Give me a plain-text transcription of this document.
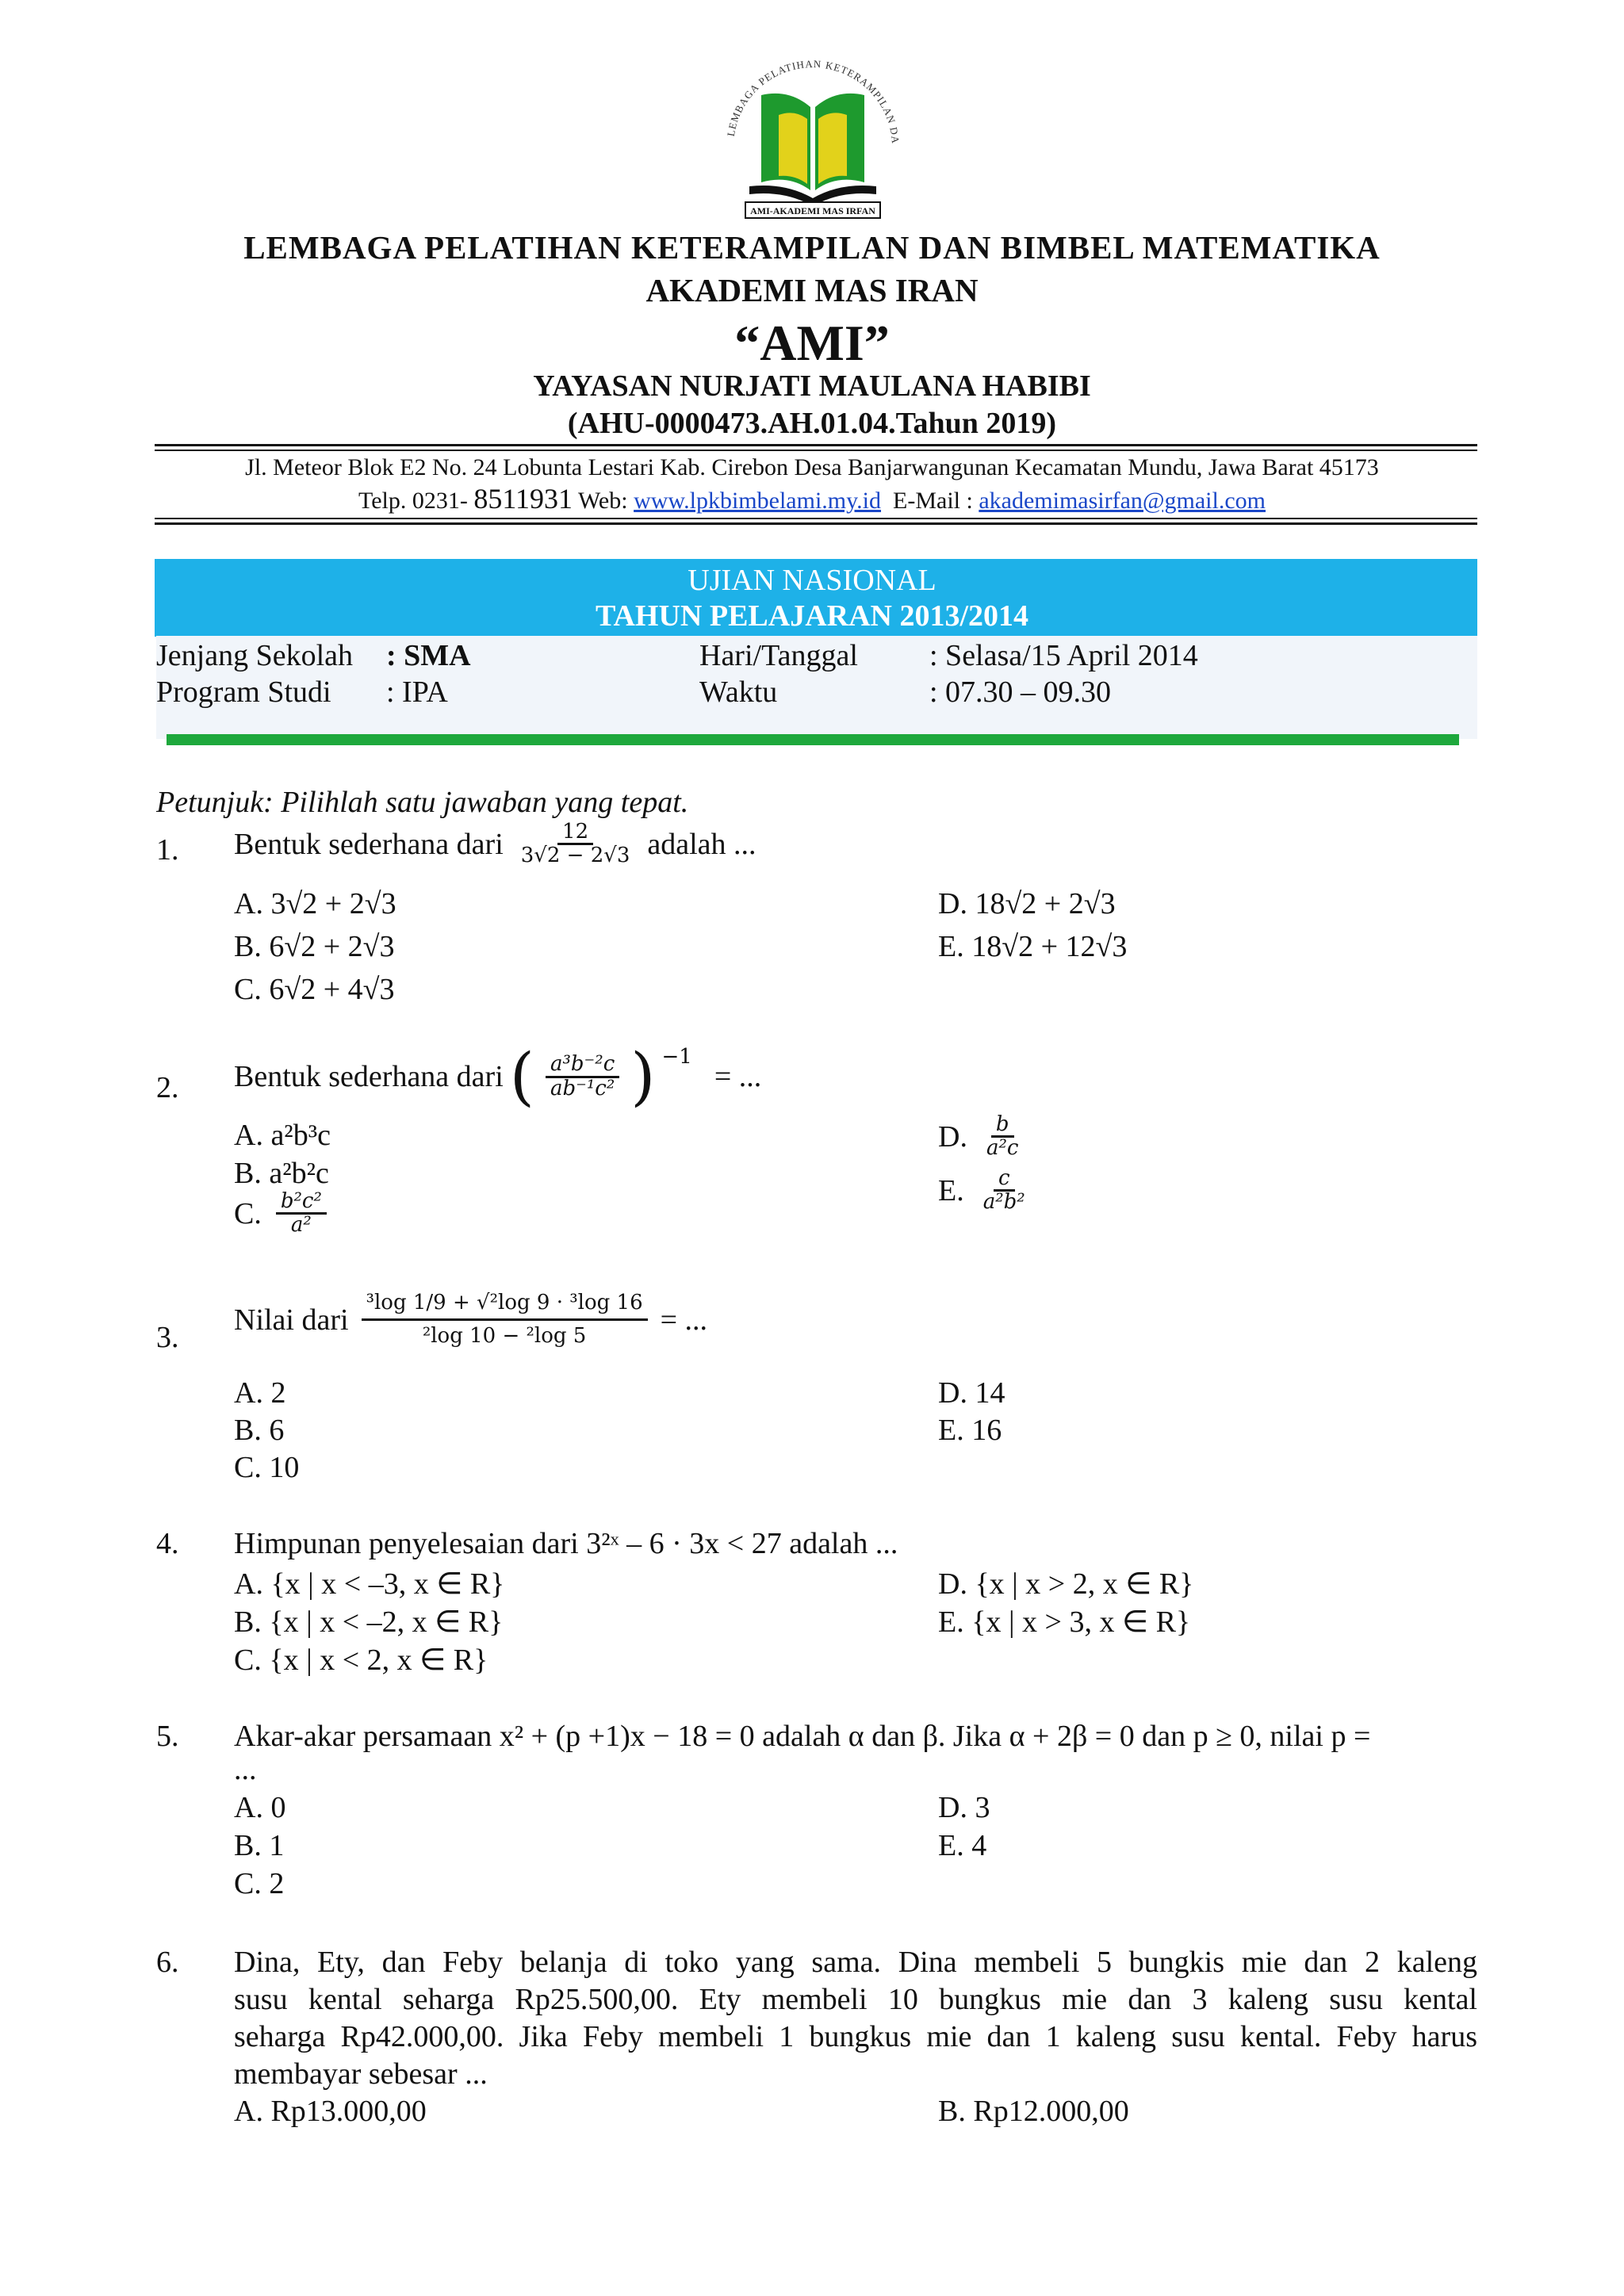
LEMBAGA PELATIHAN KETERAMPILAN DA
AMI-AKADEMI MAS IRFAN
LEMBAGA PELATIHAN KETERAMPILAN DAN BIMBEL MATEMATIKA
AKADEMI MAS IRAN
“AMI”
YAYASAN NURJATI MAULANA HABIBI
(AHU-0000473.AH.01.04.Tahun 2019)
Jl. Meteor Blok E2 No. 24 Lobunta Lestari Kab. Cirebon Desa Banjarwangunan Kecamatan Mundu, Jawa Barat 45173
Telp. 0231- 8511931 Web: www.lpkbimbelami.my.id E-Mail : akademimasirfan@gmail.com
UJIAN NASIONAL
TAHUN PELAJARAN 2013/2014
Jenjang Sekolah : SMA
Program Studi : IPA
Hari/Tanggal : Selasa/15 April 2014
Waktu	: 07.30 – 09.30
Petunjuk: Pilihlah satu jawaban yang tepat.
1. Bentuk sederhana dari $\frac{12}{3√2 - 2√3}$ adalah ...
A. 3√2 + 2√3
B. 6√2 + 2√3
C. 6√2 + 4√3
D. 18√2 + 2√3
E. 18√2 + 12√3
2. Bentuk sederhana dari ( $\frac{\text{a³b⁻²c}}{\text{ab⁻¹c²}}$ ) −1
= ...
A. a²b³c
B. a²b²c
C. $\frac{\text{b²c²}}{\text{a²}}$
D. $\frac{b}{\text{a²c}}$
E. $\frac{c}{\text{a²b²}}$
3.
Nilai dari $\frac{\text{³log 1/9 + √²log 9 · ³log 16}}{\text{²log 10 − ²log 5}}$ = ...
A. 2
B. 6
C. 10
D. 14
E. 16
4. Himpunan penyelesaian dari 3²ˣ – 6 · 3x < 27 adalah ...
A. {x | x < –3, x ∈ R}
B. {x | x < –2, x ∈ R}
C. {x | x < 2, x ∈ R}
D. {x | x > 2, x ∈ R}
E. {x | x > 3, x ∈ R}
5. Akar-akar persamaan x² + (p +1)x − 18 = 0 adalah α dan β. Jika α + 2β = 0 dan p ≥ 0, nilai p =
...
A. 0
B. 1
C. 2
D. 3
E. 4
6. Dina, Ety, dan Feby belanja di toko yang sama. Dina membeli 5 bungkis mie dan 2 kaleng
susu kental seharga Rp25.500,00. Ety membeli 10 bungkus mie dan 3 kaleng susu kental
seharga Rp42.000,00. Jika Feby membeli 1 bungkus mie dan 1 kaleng susu kental. Feby harus
membayar sebesar ...
A. Rp13.000,00	B. Rp12.000,00
